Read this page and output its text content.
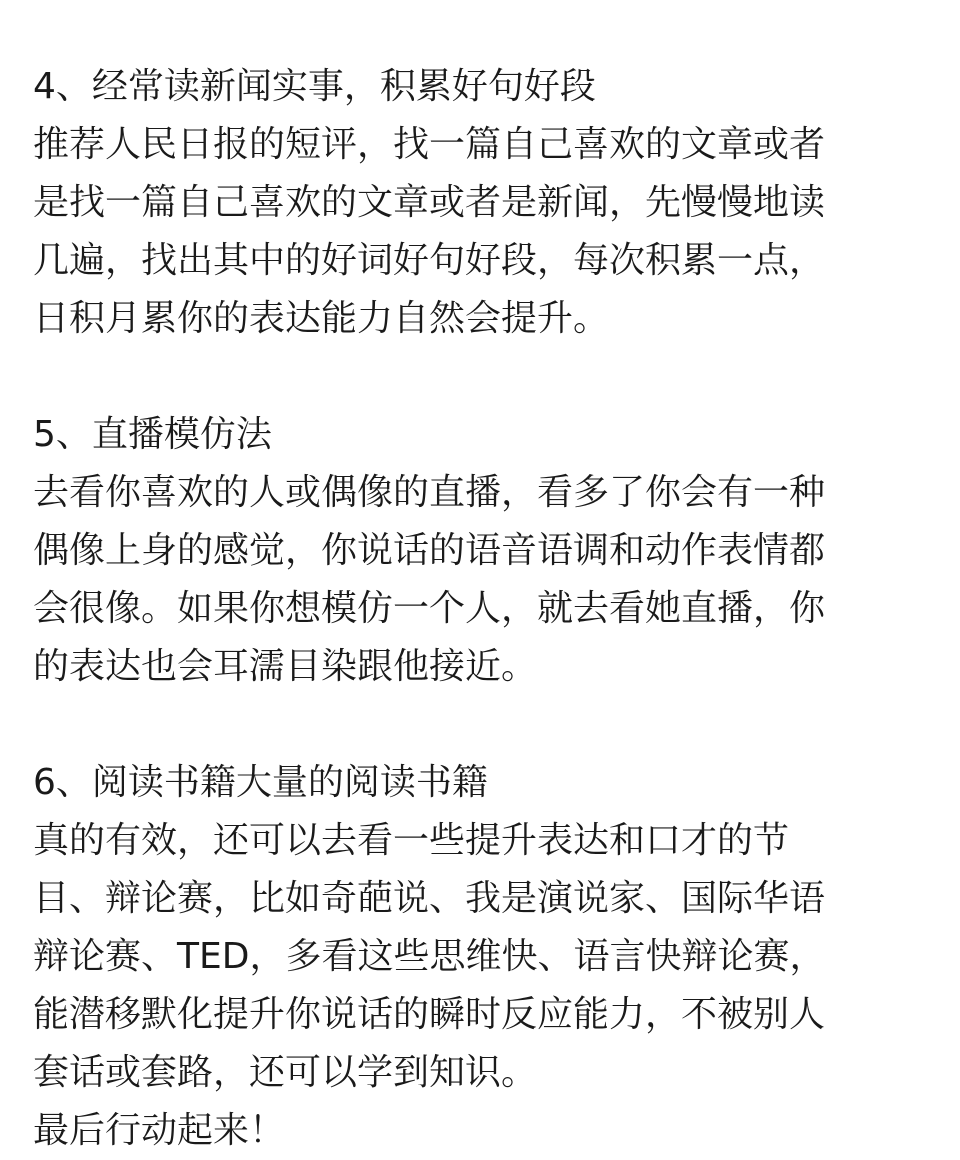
4、经常读新闻实事，积累好句好段
推荐人民日报的短评，找一篇自己喜欢的文章或者
是找一篇自己喜欢的文章或者是新闻，先慢慢地读
几遍，找出其中的好词好句好段，每次积累一点，
日积月累你的表达能力自然会提升。
5、直播模仿法
去看你喜欢的人或偶像的直播，看多了你会有一种
偶像上身的感觉，你说话的语音语调和动作表情都
会很像。如果你想模仿一个人，就去看她直播，你
的表达也会耳濡目染跟他接近。
6、阅读书籍大量的阅读书籍
真的有效，还可以去看一些提升表达和口才的节
目、辩论赛，比如奇葩说、我是演说家、国际华语
辩论赛、TED，多看这些思维快、语言快辩论赛，
能潜移默化提升你说话的瞬时反应能力，不被别人
套话或套路，还可以学到知识。
最后行动起来！
